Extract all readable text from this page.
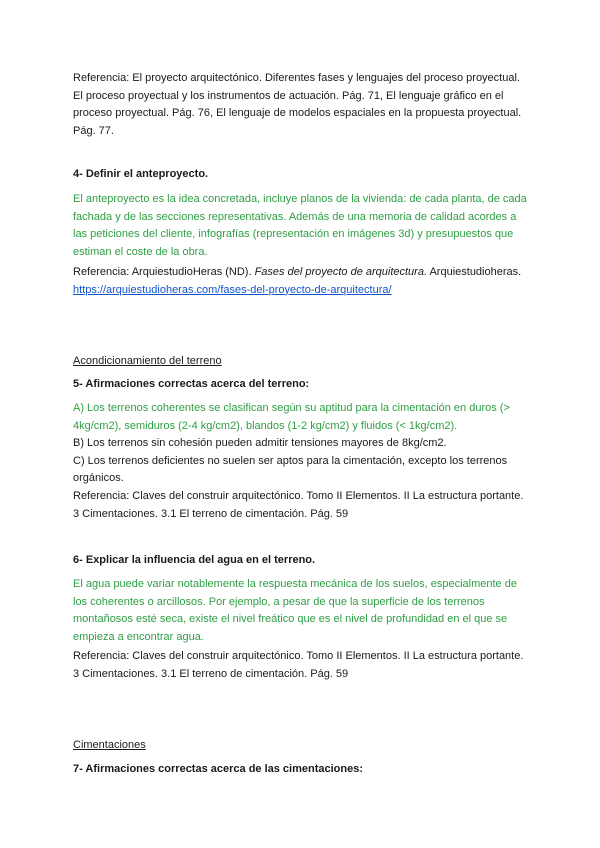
Referencia: El proyecto arquitectónico. Diferentes fases y lenguajes del proceso proyectual.

El proceso proyectual y los instrumentos de actuación. Pág. 71, El lenguaje gráfico en el

proceso proyectual. Pág. 76, El lenguaje de modelos espaciales en la propuesta proyectual.

Pág. 77.

4- Definir el anteproyecto.

El anteproyecto es la idea concretada, incluye planos de la vivienda: de cada planta, de cada

fachada y de las secciones representativas. Además de una memoria de calidad acordes a

las peticiones del cliente, infografías (representación en imágenes 3d) y presupuestos que

estiman el coste de la obra.

Referencia: ArquiestudioHeras (ND). Fases del proyecto de arquitectura. Arquiestudioheras.

https://arquiestudioheras.com/fases-del-proyecto-de-arquitectura/

Acondicionamiento del terreno
5- Afirmaciones correctas acerca del terreno:

A) Los terrenos coherentes se clasifican según su aptitud para la cimentación en duros (>

4kg/cm2), semiduros (2-4 kg/cm2), blandos (1-2 kg/cm2) y fluidos (< 1kg/cm2).

B) Los terrenos sin cohesión pueden admitir tensiones mayores de 8kg/cm2.

C) Los terrenos deficientes no suelen ser aptos para la cimentación, excepto los terrenos

orgánicos.

Referencia: Claves del construir arquitectónico. Tomo II Elementos. II La estructura portante.

3 Cimentaciones. 3.1 El terreno de cimentación. Pág. 59

6- Explicar la influencia del agua en el terreno.

El agua puede variar notablemente la respuesta mecánica de los suelos, especialmente de

los coherentes o arcillosos. Por ejemplo, a pesar de que la superficie de los terrenos

montañosos esté seca, existe el nivel freático que es el nivel de profundidad en el que se

empieza a encontrar agua.

Referencia: Claves del construir arquitectónico. Tomo II Elementos. II La estructura portante.

3 Cimentaciones. 3.1 El terreno de cimentación. Pág. 59

Cimentaciones
7- Afirmaciones correctas acerca de las cimentaciones:
